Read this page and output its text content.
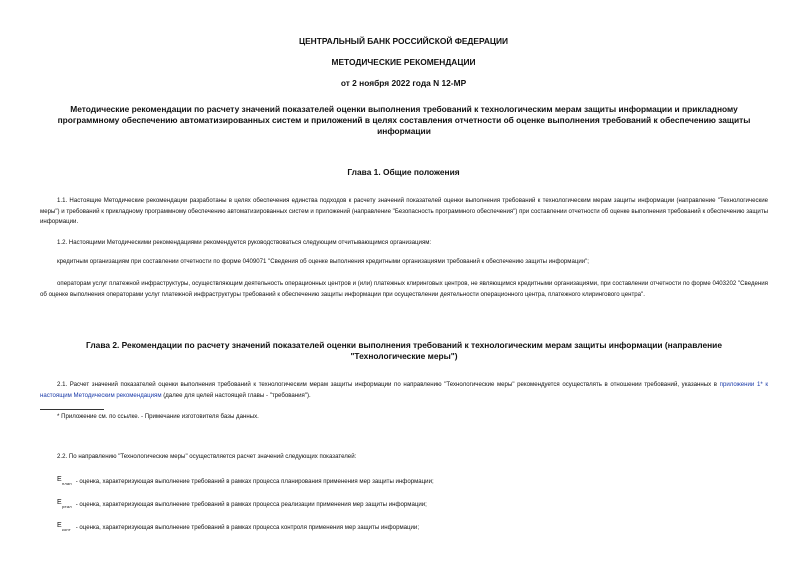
ЦЕНТРАЛЬНЫЙ БАНК РОССИЙСКОЙ ФЕДЕРАЦИИ
МЕТОДИЧЕСКИЕ РЕКОМЕНДАЦИИ
от 2 ноября 2022 года N 12-МР
Методические рекомендации по расчету значений показателей оценки выполнения требований к технологическим мерам защиты информации и прикладному программному обеспечению автоматизированных систем и приложений в целях составления отчетности об оценке выполнения требований к обеспечению защиты информации
Глава 1. Общие положения

1.1. Настоящие Методические рекомендации разработаны в целях обеспечения единства подходов к расчету значений показателей оценки выполнения требований к технологическим мерам защиты информации (направление "Технологические меры") и требований к прикладному программному обеспечению автоматизированных систем и приложений (направление "Безопасность программного обеспечения") при составлении отчетности об оценке выполнения требований к обеспечению защиты информации.

1.2. Настоящими Методическими рекомендациями рекомендуется руководствоваться следующим отчитывающимся организациям:

кредитным организациям при составлении отчетности по форме 0409071 "Сведения об оценке выполнения кредитными организациями требований к обеспечению защиты информации";

операторам услуг платежной инфраструктуры, осуществляющим деятельность операционных центров и (или) платежных клиринговых центров, не являющимся кредитными организациями, при составлении отчетности по форме 0403202 "Сведения об оценке выполнения операторами услуг платежной инфраструктуры требований к обеспечению защиты информации при осуществлении деятельности операционного центра, платежного клирингового центра".

Глава 2. Рекомендации по расчету значений показателей оценки выполнения требований к технологическим мерам защиты информации (направление "Технологические меры")

2.1. Расчет значений показателей оценки выполнения требований к технологическим мерам защиты информации по направлению "Технологические меры" рекомендуется осуществлять в отношении требований, указанных в приложении 1* к настоящим Методическим рекомендациям (далее для целей настоящей главы - "требования").

* Приложение см. по ссылке. - Примечание изготовителя базы данных.

2.2. По направлению "Технологические меры" осуществляется расчет значений следующих показателей:

E
план - оценка, характеризующая выполнение требований в рамках процесса планирования применения мер защиты информации;
E
реал - оценка, характеризующая выполнение требований в рамках процесса реализации применения мер защиты информации;
E
конт - оценка, характеризующая выполнение требований в рамках процесса контроля применения мер защиты информации;
